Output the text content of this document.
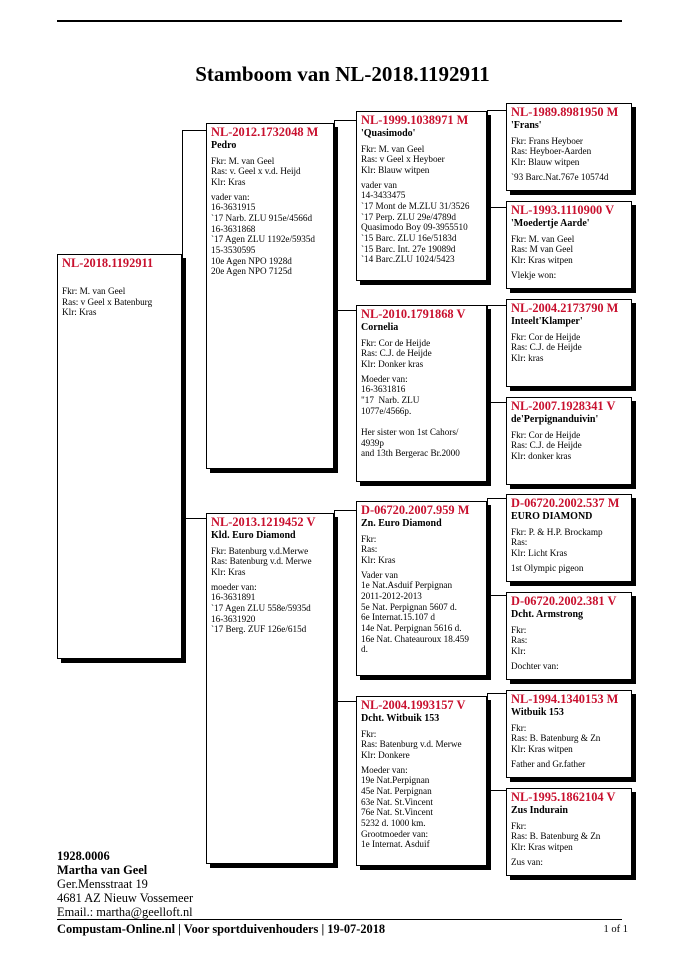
Stamboom van NL-2018.1192911
NL-2018.1192911
Fkr: M. van Geel
Ras: v Geel x Batenburg
Klr: Kras
NL-2012.1732048 M
Pedro
Fkr: M. van Geel
Ras: v. Geel x v.d. Heijd
Klr: Kras
vader van:
16-3631915
`17 Narb. ZLU 915e/4566d
16-3631868
`17 Agen ZLU 1192e/5935d
15-3530595
10e Agen NPO 1928d
20e Agen NPO 7125d
NL-2013.1219452 V
Kld. Euro Diamond
Fkr: Batenburg v.d.Merwe
Ras: Batenburg v.d. Merwe
Klr: Kras
moeder van:
16-3631891
`17 Agen ZLU 558e/5935d
16-3631920
`17 Berg. ZUF 126e/615d
NL-1999.1038971 M
'Quasimodo'
Fkr: M. van Geel
Ras: v Geel x Heyboer
Klr: Blauw witpen
vader van
14-3433475
`17 Mont de M.ZLU 31/3526
`17 Perp. ZLU 29e/4789d
Quasimodo Boy 09-3955510
`15 Barc. ZLU 16e/5183d
`15 Barc. Int. 27e 19089d
`14 Barc.ZLU 1024/5423
NL-2010.1791868 V
Cornelia
Fkr: Cor de Heijde
Ras: C.J. de Heijde
Klr: Donker kras
Moeder van:
16-3631816
"17  Narb. ZLU
1077e/4566p.

Her sister won 1st Cahors/
4939p
and 13th Bergerac Br.2000
D-06720.2007.959 M
Zn. Euro Diamond
Fkr:
Ras:
Klr: Kras
Vader van
1e Nat.Asduif Perpignan
2011-2012-2013
5e Nat. Perpignan 5607 d.
6e Internat.15.107 d
14e Nat. Perpignan 5616 d.
16e Nat. Chateauroux 18.459
d.
NL-2004.1993157 V
Dcht. Witbuik 153
Fkr:
Ras: Batenburg v.d. Merwe
Klr: Donkere
Moeder van:
19e Nat.Perpignan
45e Nat. Perpignan
63e Nat. St.Vincent
76e Nat. St.Vincent
5232 d. 1000 km.
Grootmoeder van:
1e Internat. Asduif
NL-1989.8981950 M
'Frans'
Fkr: Frans Heyboer
Ras: Heyboer-Aarden
Klr: Blauw witpen
`93 Barc.Nat.767e 10574d
NL-1993.1110900 V
'Moedertje Aarde'
Fkr: M. van Geel
Ras: M van Geel
Klr: Kras witpen
Vlekje won:
NL-2004.2173790 M
Inteelt'Klamper'
Fkr: Cor de Heijde
Ras: C.J. de Heijde
Klr: kras
NL-2007.1928341 V
de'Perpignanduivin'
Fkr: Cor de Heijde
Ras: C.J. de Heijde
Klr: donker kras
D-06720.2002.537 M
EURO DIAMOND
Fkr: P. & H.P. Brockamp
Ras:
Klr: Licht Kras
1st Olympic pigeon
D-06720.2002.381 V
Dcht. Armstrong
Fkr:
Ras:
Klr:
Dochter van:
NL-1994.1340153 M
Witbuik 153
Fkr:
Ras: B. Batenburg & Zn
Klr: Kras witpen
Father and Gr.father
NL-1995.1862104 V
Zus Indurain
Fkr:
Ras: B. Batenburg & Zn
Klr: Kras witpen
Zus van:
1928.0006
Martha van Geel
Ger.Mensstraat 19
4681 AZ Nieuw Vossemeer
Email.: martha@geelloft.nl
Compustam-Online.nl | Voor sportduivenhouders | 19-07-2018	1 of 1
